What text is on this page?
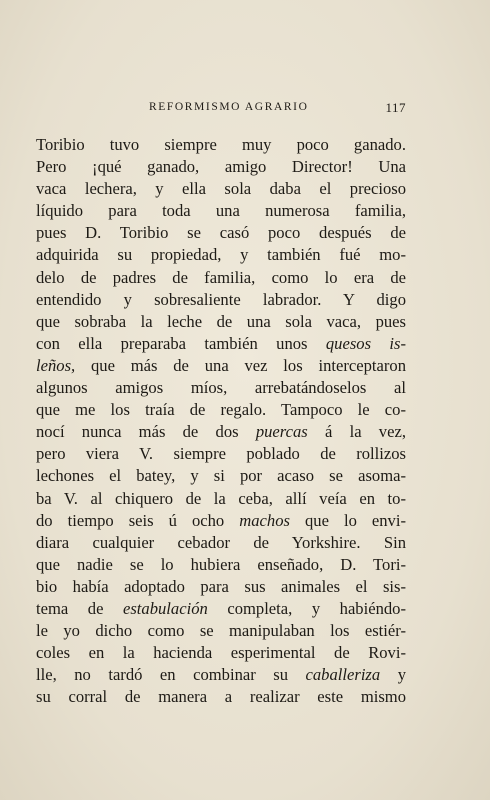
REFORMISMO AGRARIO	117
Toribio tuvo siempre muy poco ganado.
Pero ¡qué ganado, amigo Director! Una
vaca lechera, y ella sola daba el precioso
líquido para toda una numerosa familia,
pues D. Toribio se casó poco después de
adquirida su propiedad, y también fué mo-
delo de padres de familia, como lo era de
entendido y sobresaliente labrador. Y digo
que sobraba la leche de una sola vaca, pues
con ella preparaba también unos quesos is-
leños, que más de una vez los interceptaron
algunos amigos míos, arrebatándoselos al
que me los traía de regalo. Tampoco le co-
nocí nunca más de dos puercas á la vez,
pero viera V. siempre poblado de rollizos
lechones el batey, y si por acaso se asoma-
ba V. al chiquero de la ceba, allí veía en to-
do tiempo seis ú ocho machos que lo envi-
diara cualquier cebador de Yorkshire. Sin
que nadie se lo hubiera enseñado, D. Tori-
bio había adoptado para sus animales el sis-
tema de estabulación completa, y habiéndo-
le yo dicho como se manipulaban los estiér-
coles en la hacienda esperimental de Rovi-
lle, no tardó en combinar su caballeriza y
su corral de manera a realizar este mismo
